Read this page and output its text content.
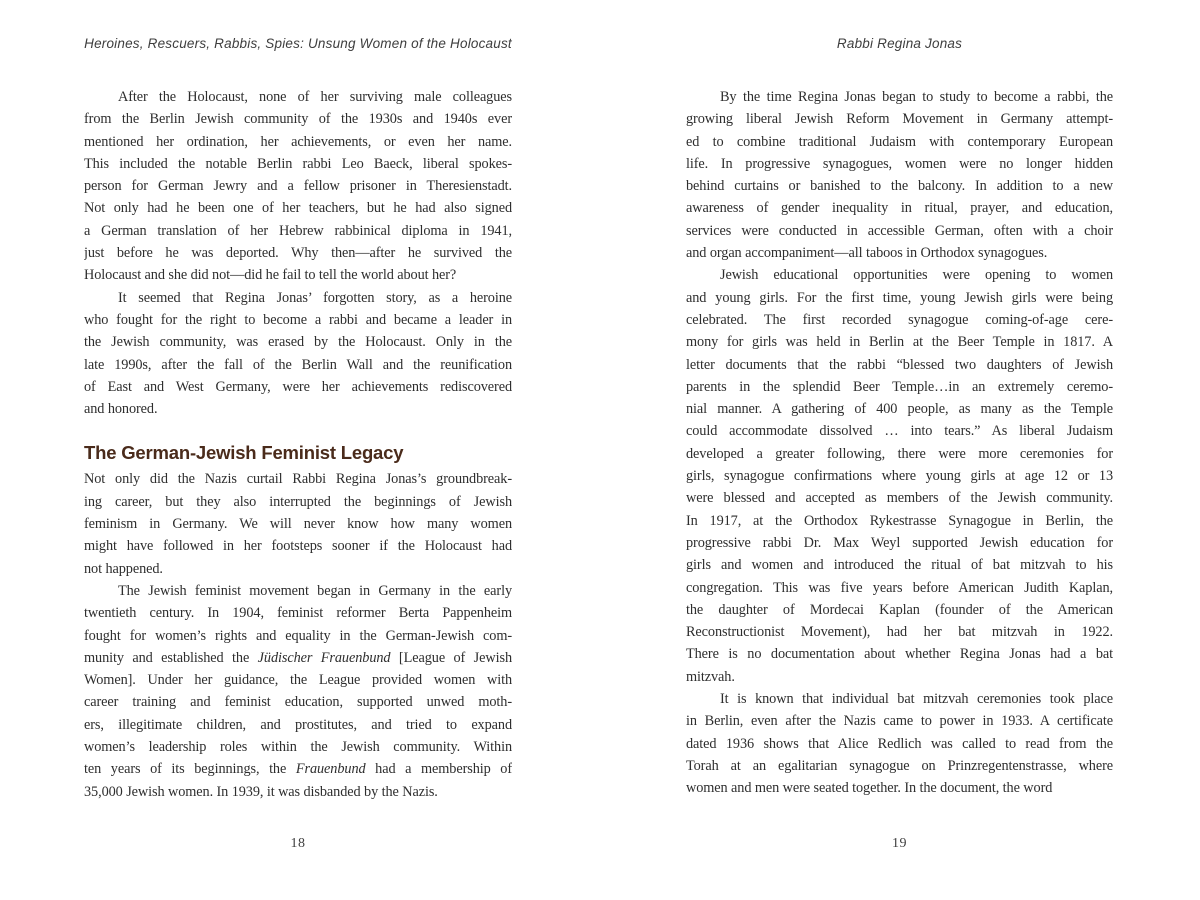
Heroines, Rescuers, Rabbis, Spies: Unsung Women of the Holocaust
After the Holocaust, none of her surviving male colleagues
from the Berlin Jewish community of the 1930s and 1940s ever
mentioned her ordination, her achievements, or even her name.
This included the notable Berlin rabbi Leo Baeck, liberal spokes-
person for German Jewry and a fellow prisoner in Theresienstadt.
Not only had he been one of her teachers, but he had also signed
a German translation of her Hebrew rabbinical diploma in 1941,
just before he was deported. Why then—after he survived the
Holocaust and she did not—did he fail to tell the world about her?
It seemed that Regina Jonas’ forgotten story, as a heroine
who fought for the right to become a rabbi and became a leader in
the Jewish community, was erased by the Holocaust. Only in the
late 1990s, after the fall of the Berlin Wall and the reunification
of East and West Germany, were her achievements rediscovered
and honored.
The German-Jewish Feminist Legacy
Not only did the Nazis curtail Rabbi Regina Jonas’s groundbreak-
ing career, but they also interrupted the beginnings of Jewish
feminism in Germany. We will never know how many women
might have followed in her footsteps sooner if the Holocaust had
not happened.
The Jewish feminist movement began in Germany in the early
twentieth century. In 1904, feminist reformer Berta Pappenheim
fought for women’s rights and equality in the German-Jewish com-
munity and established the Jüdischer Frauenbund [League of Jewish
Women]. Under her guidance, the League provided women with
career training and feminist education, supported unwed moth-
ers, illegitimate children, and prostitutes, and tried to expand
women’s leadership roles within the Jewish community. Within
ten years of its beginnings, the Frauenbund had a membership of
35,000 Jewish women. In 1939, it was disbanded by the Nazis.
18
Rabbi Regina Jonas
By the time Regina Jonas began to study to become a rabbi, the
growing liberal Jewish Reform Movement in Germany attempt-
ed to combine traditional Judaism with contemporary European
life. In progressive synagogues, women were no longer hidden
behind curtains or banished to the balcony. In addition to a new
awareness of gender inequality in ritual, prayer, and education,
services were conducted in accessible German, often with a choir
and organ accompaniment—all taboos in Orthodox synagogues.
Jewish educational opportunities were opening to women
and young girls. For the first time, young Jewish girls were being
celebrated. The first recorded synagogue coming-of-age cere-
mony for girls was held in Berlin at the Beer Temple in 1817. A
letter documents that the rabbi “blessed two daughters of Jewish
parents in the splendid Beer Temple…in an extremely ceremo-
nial manner. A gathering of 400 people, as many as the Temple
could accommodate dissolved … into tears.” As liberal Judaism
developed a greater following, there were more ceremonies for
girls, synagogue confirmations where young girls at age 12 or 13
were blessed and accepted as members of the Jewish community.
In 1917, at the Orthodox Rykestrasse Synagogue in Berlin, the
progressive rabbi Dr. Max Weyl supported Jewish education for
girls and women and introduced the ritual of bat mitzvah to his
congregation. This was five years before American Judith Kaplan,
the daughter of Mordecai Kaplan (founder of the American
Reconstructionist Movement), had her bat mitzvah in 1922.
There is no documentation about whether Regina Jonas had a bat
mitzvah.
It is known that individual bat mitzvah ceremonies took place
in Berlin, even after the Nazis came to power in 1933. A certificate
dated 1936 shows that Alice Redlich was called to read from the
Torah at an egalitarian synagogue on Prinzregentenstrasse, where
women and men were seated together. In the document, the word
19
